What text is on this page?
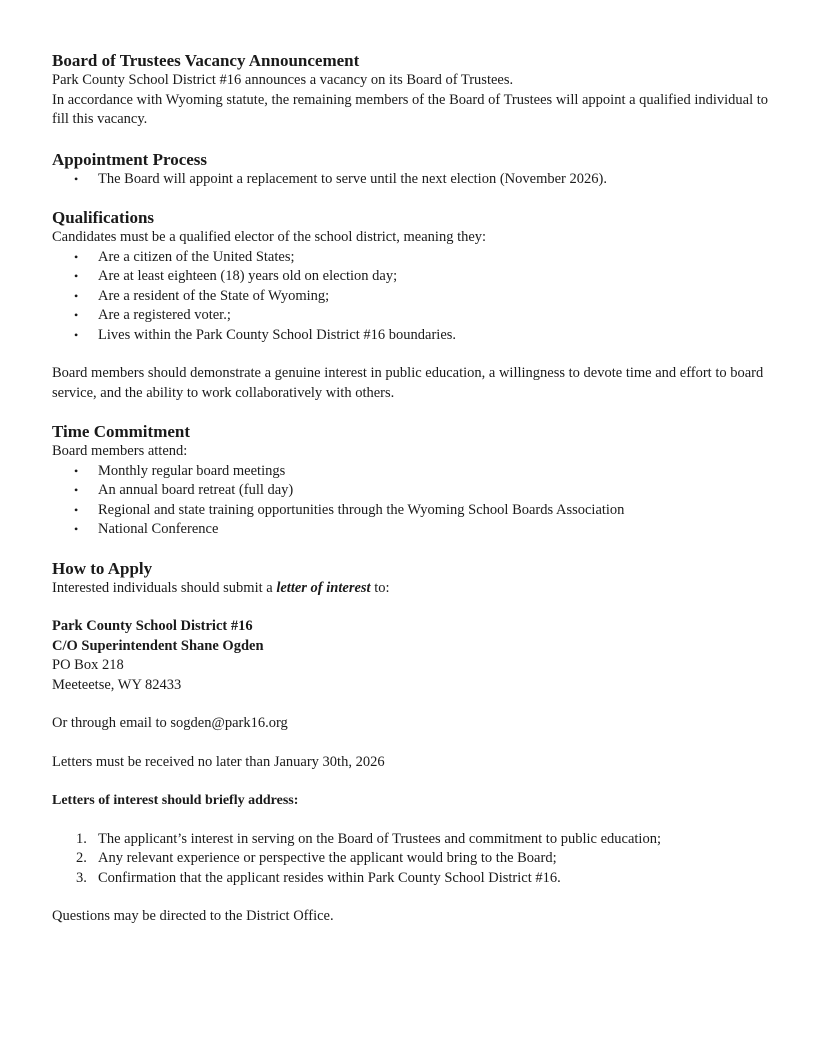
Board of Trustees Vacancy Announcement

Park County School District #16 announces a vacancy on its Board of Trustees.

In accordance with Wyoming statute, the remaining members of the Board of Trustees will appoint a qualified individual to fill this vacancy.

Appointment Process
• The Board will appoint a replacement to serve until the next election (November 2026).
Qualifications

Candidates must be a qualified elector of the school district, meaning they:

• Are a citizen of the United States;
• Are at least eighteen (18) years old on election day;
• Are a resident of the State of Wyoming;
• Are a registered voter.;
• Lives within the Park County School District #16 boundaries.

Board members should demonstrate a genuine interest in public education, a willingness to devote time and effort to board service, and the ability to work collaboratively with others.

Time Commitment

Board members attend:

• Monthly regular board meetings
• An annual board retreat (full day)
• Regional and state training opportunities through the Wyoming School Boards Association
• National Conference
How to Apply

Interested individuals should submit a letter of interest to:

Park County School District #16

C/O Superintendent Shane Ogden

PO Box 218

Meeteetse, WY 82433

Or through email to sogden@park16.org

Letters must be received no later than January 30th, 2026

Letters of interest should briefly address:

1. The applicant’s interest in serving on the Board of Trustees and commitment to public education;
2. Any relevant experience or perspective the applicant would bring to the Board;
3. Confirmation that the applicant resides within Park County School District #16.

Questions may be directed to the District Office.
